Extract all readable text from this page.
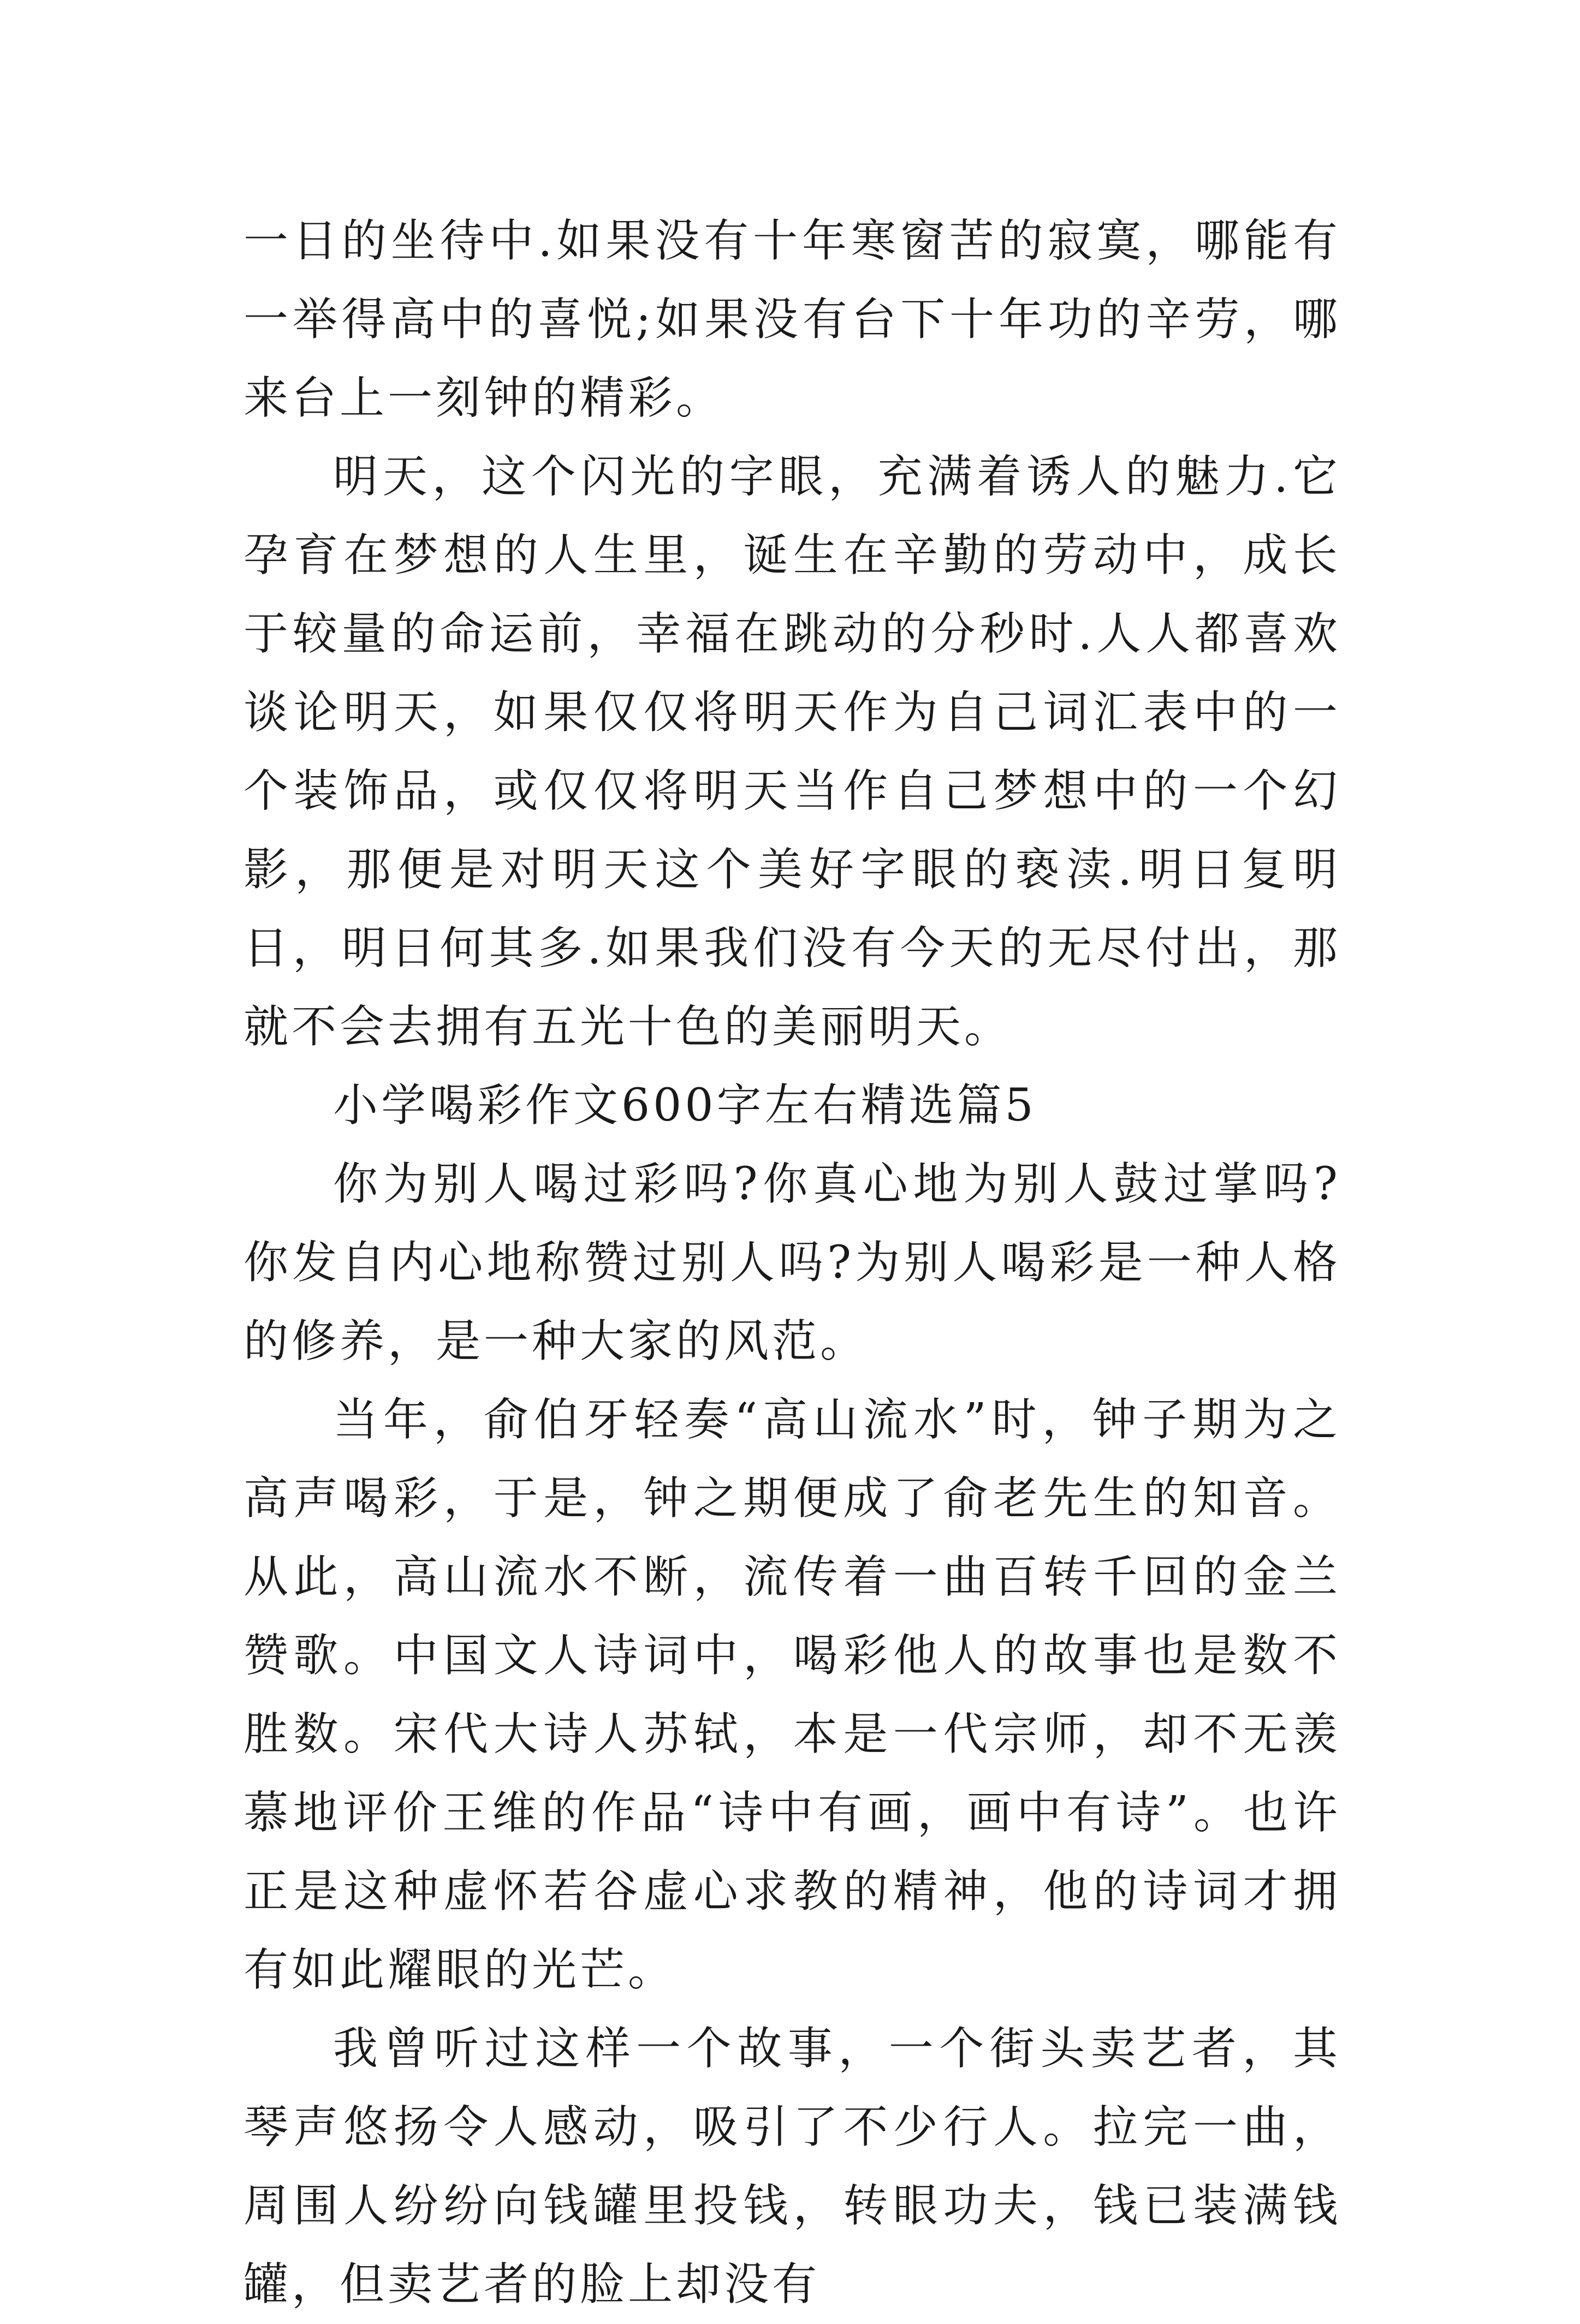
一日的坐待中.如果没有十年寒窗苦的寂寞，哪能有一举得高中的喜悦;如果没有台下十年功的辛劳，哪来台上一刻钟的精彩。

明天，这个闪光的字眼，充满着诱人的魅力.它孕育在梦想的人生里，诞生在辛勤的劳动中，成长于较量的命运前，幸福在跳动的分秒时.人人都喜欢谈论明天，如果仅仅将明天作为自己词汇表中的一个装饰品，或仅仅将明天当作自己梦想中的一个幻影，那便是对明天这个美好字眼的亵渎.明日复明日，明日何其多.如果我们没有今天的无尽付出，那就不会去拥有五光十色的美丽明天。

小学喝彩作文600字左右精选篇5

你为别人喝过彩吗?你真心地为别人鼓过掌吗?你发自内心地称赞过别人吗?为别人喝彩是一种人格的修养，是一种大家的风范。

当年，俞伯牙轻奏“高山流水”时，钟子期为之高声喝彩，于是，钟之期便成了俞老先生的知音。从此，高山流水不断，流传着一曲百转千回的金兰赞歌。中国文人诗词中，喝彩他人的故事也是数不胜数。宋代大诗人苏轼，本是一代宗师，却不无羡慕地评价王维的作品“诗中有画，画中有诗”。也许正是这种虚怀若谷虚心求教的精神，他的诗词才拥有如此耀眼的光芒。

我曾听过这样一个故事，一个街头卖艺者，其琴声悠扬令人感动，吸引了不少行人。拉完一曲，周围人纷纷向钱罐里投钱，转眼功夫，钱已装满钱罐，但卖艺者的脸上却没有
